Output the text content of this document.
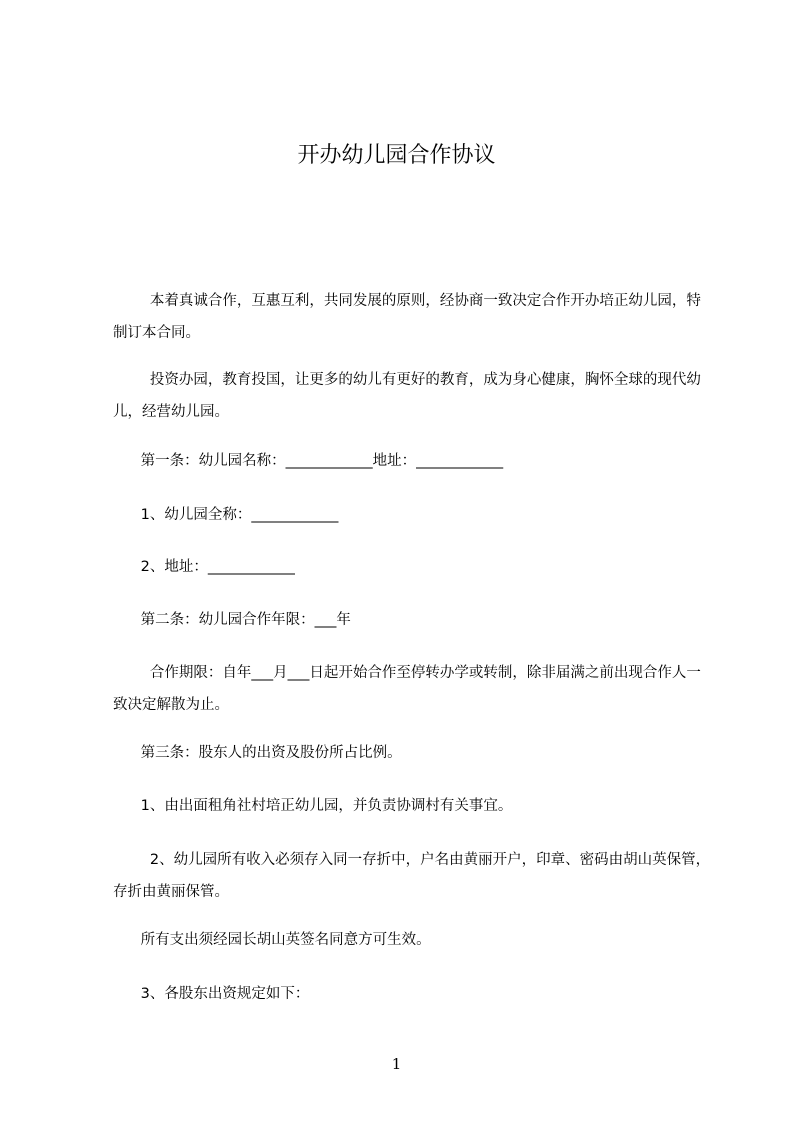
开办幼儿园合作协议

本着真诚合作，互惠互利，共同发展的原则，经协商一致决定合作开办培正幼儿园，特制订本合同。

投资办园，教育投国，让更多的幼儿有更好的教育，成为身心健康，胸怀全球的现代幼儿，经营幼儿园。

第一条：幼儿园名称：____________地址：____________

1、幼儿园全称：____________

2、地址：____________

第二条：幼儿园合作年限：___年

合作期限：自年___月___日起开始合作至停转办学或转制，除非届满之前出现合作人一致决定解散为止。

第三条：股东人的出资及股份所占比例。

1、由出面租角社村培正幼儿园，并负责协调村有关事宜。

2、幼儿园所有收入必须存入同一存折中，户名由黄丽开户，印章、密码由胡山英保管，存折由黄丽保管。

所有支出须经园长胡山英签名同意方可生效。

3、各股东出资规定如下：

1
